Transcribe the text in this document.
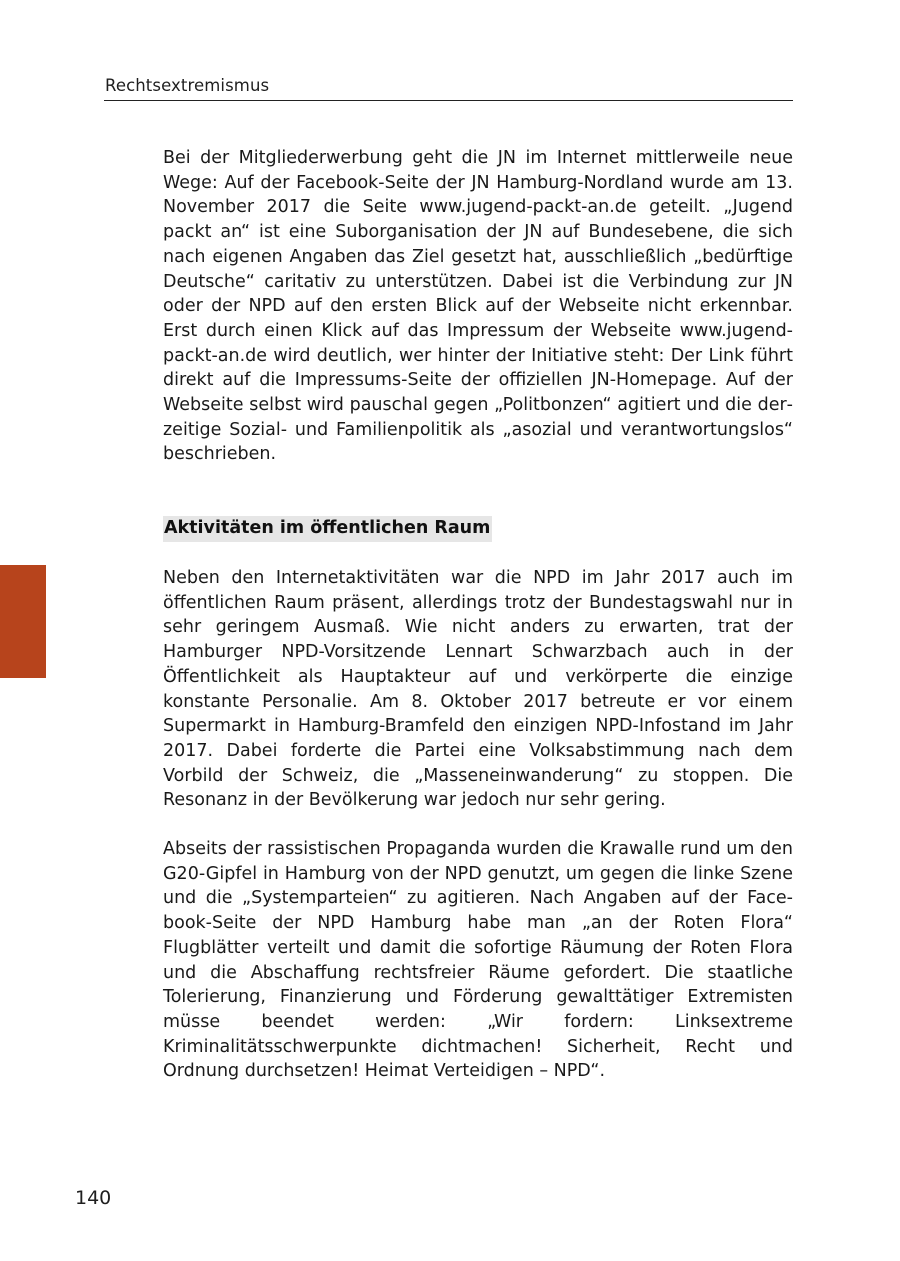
Rechtsextremismus

Bei der Mitgliederwerbung geht die JN im Internet mittlerweile neue Wege: Auf der Facebook-Seite der JN Hamburg-Nordland wurde am 13. November 2017 die Seite www.jugend-packt-an.de geteilt. „Jugend packt an“ ist eine Suborganisation der JN auf Bundesebene, die sich nach eigenen Angaben das Ziel gesetzt hat, ausschließlich „bedürftige Deutsche“ caritativ zu unterstützen. Dabei ist die Verbindung zur JN oder der NPD auf den ersten Blick auf der Webseite nicht erkennbar. Erst durch einen Klick auf das Impressum der Webseite www.jugendpackt-an.de wird deutlich, wer hinter der Initiative steht: Der Link führt direkt auf die Impressums-Seite der offiziellen JN-Homepage. Auf der Webseite selbst wird pauschal gegen „Politbonzen“ agitiert und die derzeitige Sozial- und Familienpolitik als „asozial und verantwortungslos“ beschrieben.

Aktivitäten im öffentlichen Raum

Neben den Internetaktivitäten war die NPD im Jahr 2017 auch im öffentlichen Raum präsent, allerdings trotz der Bundestagswahl nur in sehr geringem Ausmaß. Wie nicht anders zu erwarten, trat der Hamburger NPD-Vorsitzende Lennart Schwarzbach auch in der Öffentlichkeit als Hauptakteur auf und verkörperte die einzige konstante Personalie. Am 8. Oktober 2017 betreute er vor einem Supermarkt in Hamburg-Bramfeld den einzigen NPD-Infostand im Jahr 2017. Dabei forderte die Partei eine Volksabstimmung nach dem Vorbild der Schweiz, die „Masseneinwanderung“ zu stoppen. Die Resonanz in der Bevölkerung war jedoch nur sehr gering.

Abseits der rassistischen Propaganda wurden die Krawalle rund um den G20-Gipfel in Hamburg von der NPD genutzt, um gegen die linke Szene und die „Systemparteien“ zu agitieren. Nach Angaben auf der Facebook-Seite der NPD Hamburg habe man „an der Roten Flora“ Flugblätter verteilt und damit die sofortige Räumung der Roten Flora und die Abschaffung rechtsfreier Räume gefordert. Die staatliche Tolerierung, Finanzierung und Förderung gewalttätiger Extremisten müsse beendet werden: „Wir fordern: Linksextreme Kriminalitätsschwerpunkte dichtmachen! Sicherheit, Recht und Ordnung durchsetzen! Heimat Verteidigen – NPD“.

140
